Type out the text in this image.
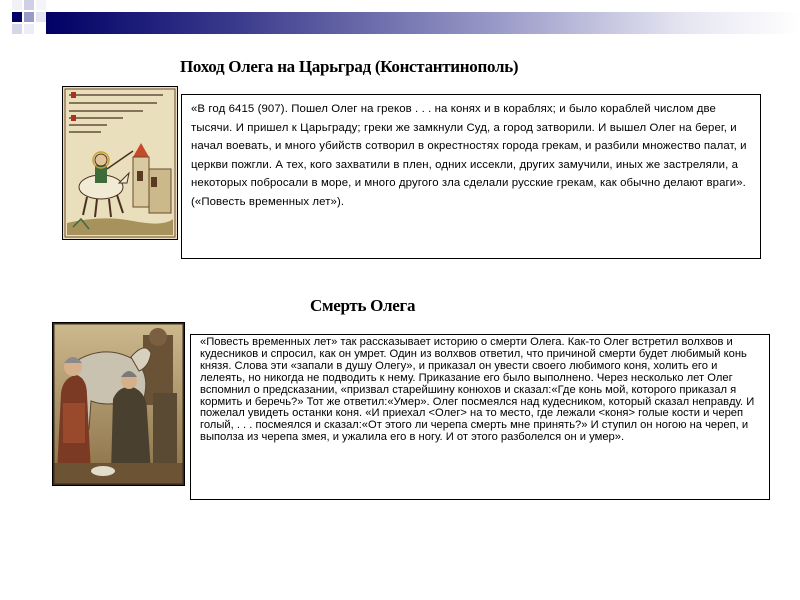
Поход Олега на Царьград (Константинополь)

«В год 6415 (907). Пошел Олег на греков . . . на конях и в кораблях; и было кораблей числом две тысячи. И пришел к Царьграду; греки же замкнули Суд, а город затворили. И вышел Олег на берег, и начал воевать, и много убийств сотворил в окрестностях города грекам, и разбили множество палат, и церкви пожгли. А тех, кого захватили в плен, одних иссекли, других замучили, иных же застреляли, а некоторых побросали в море, и много другого зла сделали русские грекам, как обычно делают враги». («Повесть временных лет»).

Смерть Олега

«Повесть временных лет» так рассказывает историю о смерти Олега. Как-то Олег встретил волхвов и кудесников и спросил, как он умрет. Один из волхвов ответил, что причиной смерти будет любимый конь князя. Слова эти «запали в душу Олегу», и приказал он увести своего любимого коня, холить его и лелеять, но никогда не подводить к нему. Приказание его было выполнено. Через несколько лет Олег вспомнил о предсказании, «призвал старейшину конюхов и сказал:«Где конь мой, которого приказал я кормить и беречь?» Тот же ответил:«Умер». Олег посмеялся над кудесником, который сказал неправду. И пожелал увидеть останки коня. «И приехал <Олег> на то место, где лежали <коня> голые кости и череп голый, . . . посмеялся и сказал:«От этого ли черепа смерть мне принять?» И ступил он ногою на череп, и выполза из черепа змея, и ужалила его в ногу. И от этого разболелся он и умер».
